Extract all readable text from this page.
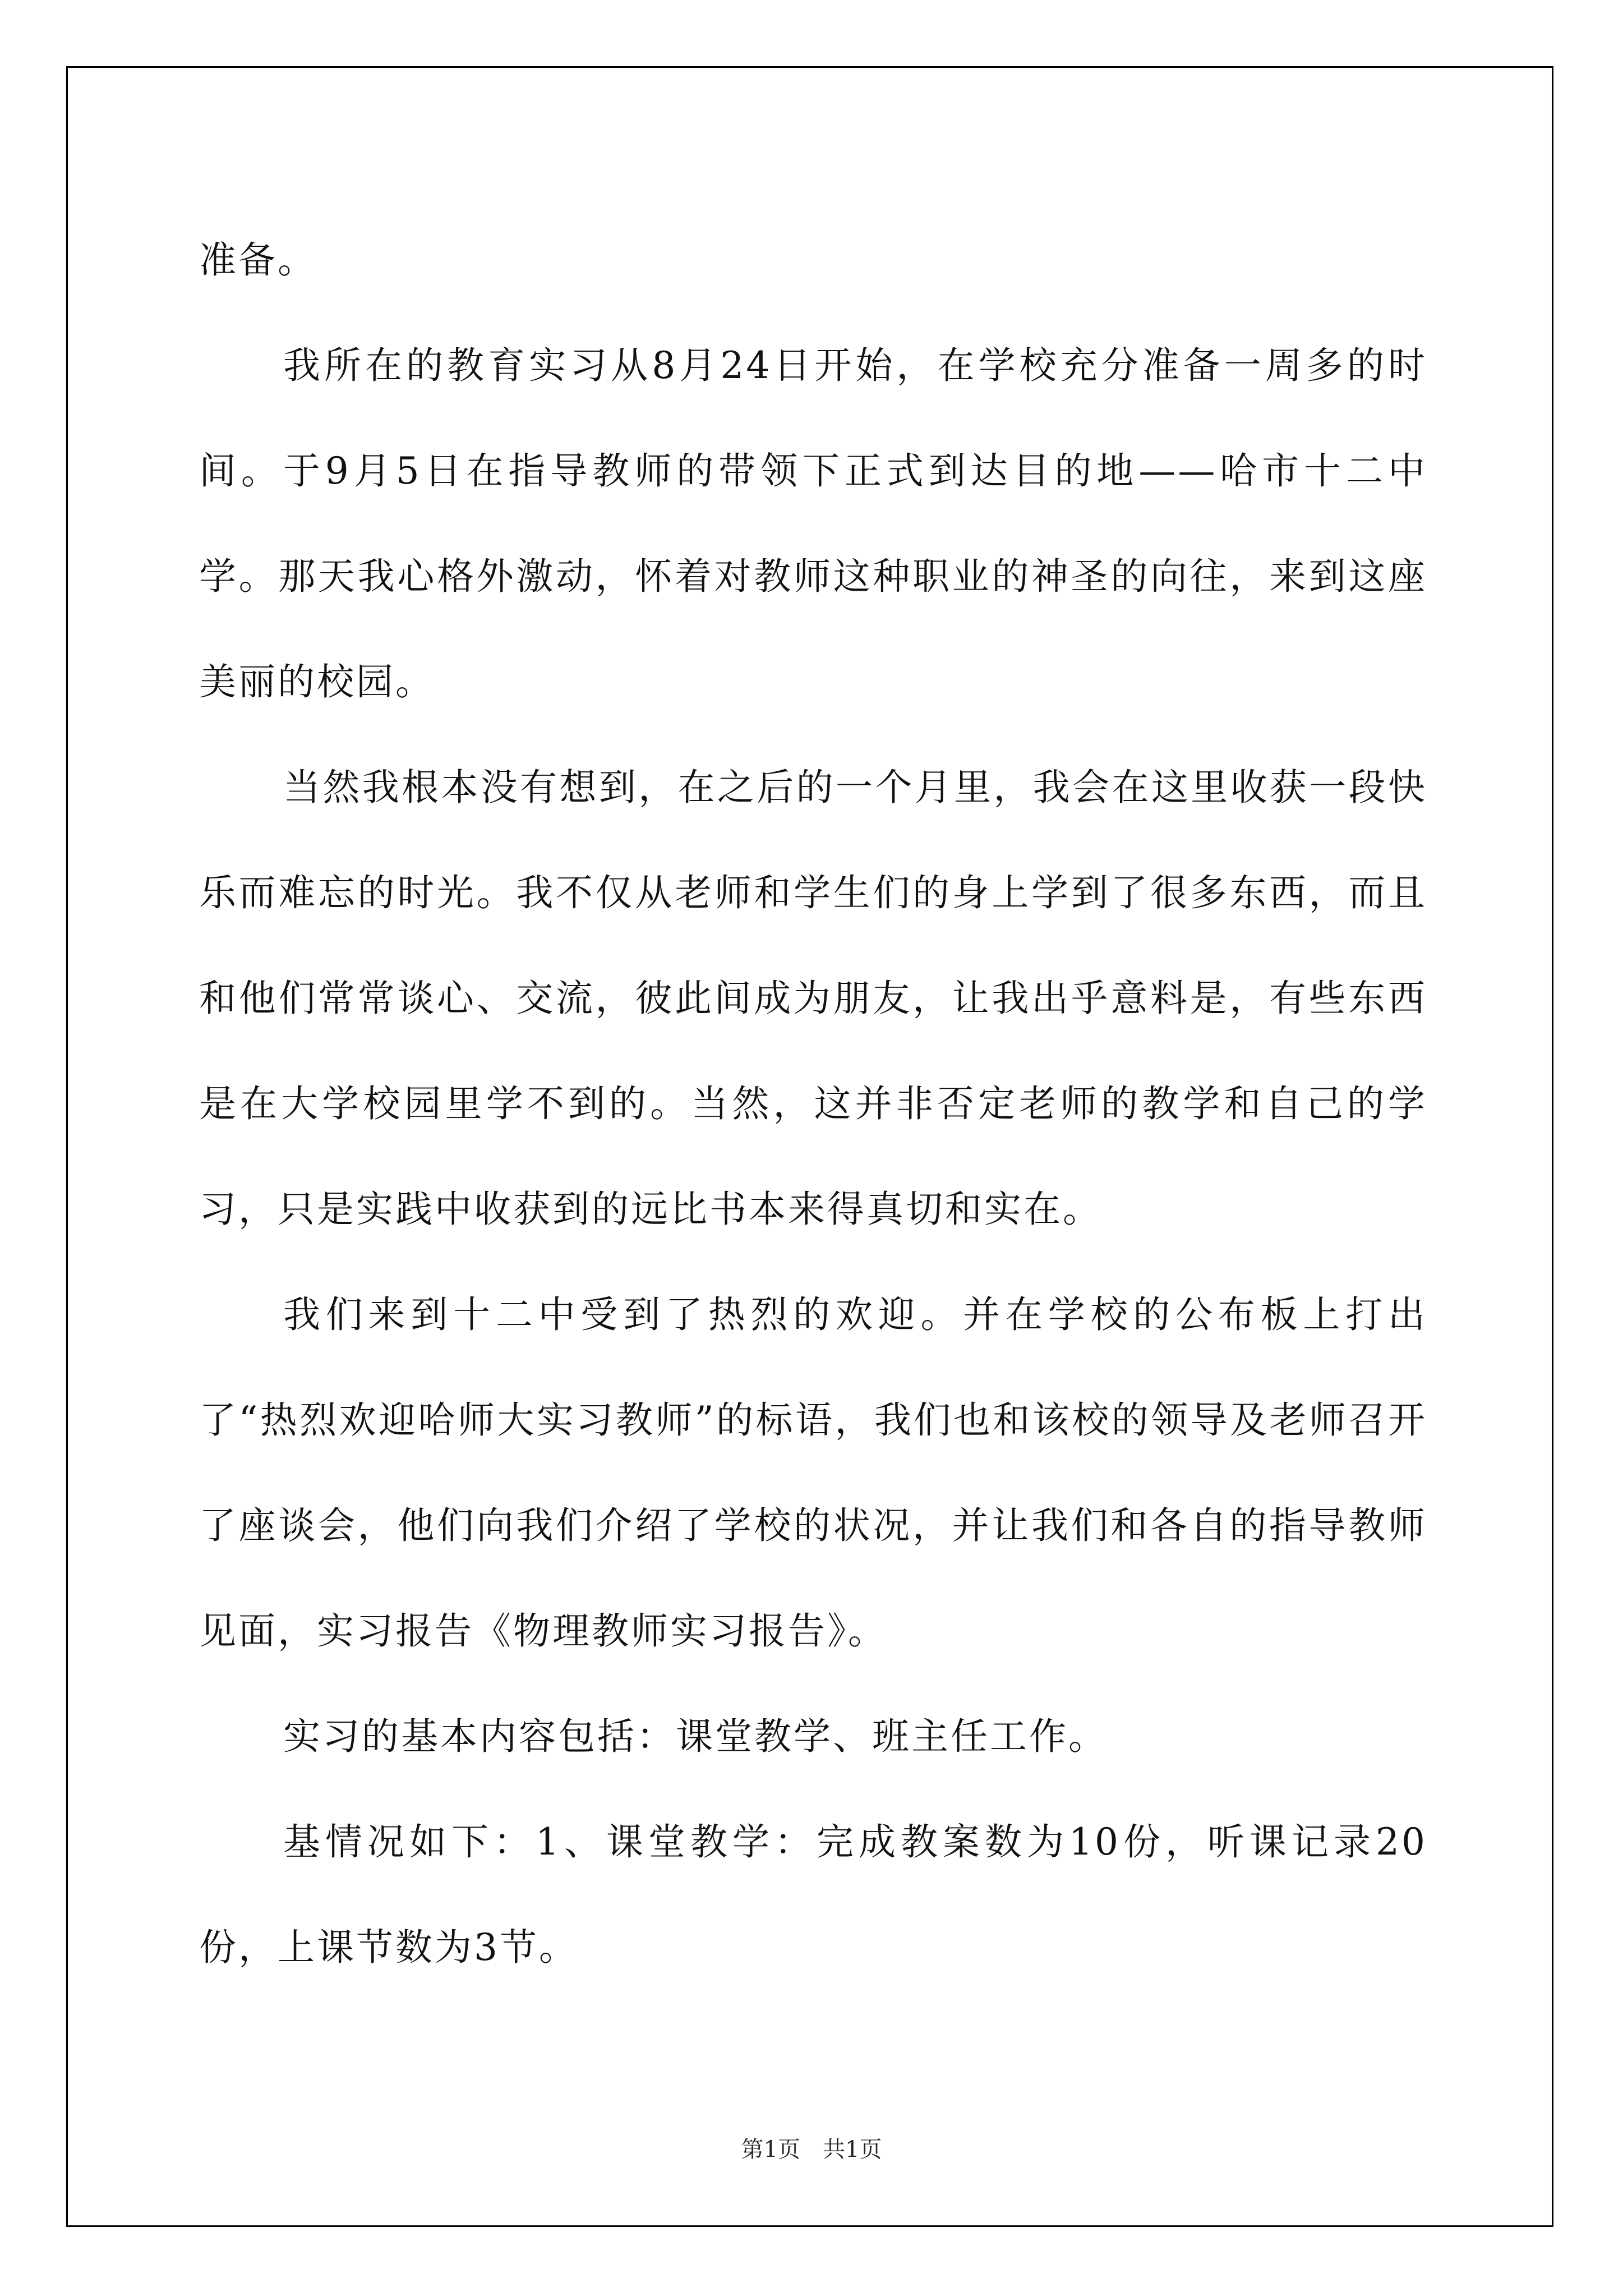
准备。

我所在的教育实习从8月24日开始，在学校充分准备一周多的时间。于9月5日在指导教师的带领下正式到达目的地——哈市十二中学。那天我心格外激动，怀着对教师这种职业的神圣的向往，来到这座美丽的校园。

当然我根本没有想到，在之后的一个月里，我会在这里收获一段快乐而难忘的时光。我不仅从老师和学生们的身上学到了很多东西，而且和他们常常谈心、交流，彼此间成为朋友，让我出乎意料是，有些东西是在大学校园里学不到的。当然，这并非否定老师的教学和自己的学习，只是实践中收获到的远比书本来得真切和实在。

我们来到十二中受到了热烈的欢迎。并在学校的公布板上打出了“热烈欢迎哈师大实习教师”的标语，我们也和该校的领导及老师召开了座谈会，他们向我们介绍了学校的状况，并让我们和各自的指导教师见面，实习报告《物理教师实习报告》。

实习的基本内容包括：课堂教学、班主任工作。

基情况如下：1、课堂教学：完成教案数为10份，听课记录20份，上课节数为3节。

第1页　共1页
